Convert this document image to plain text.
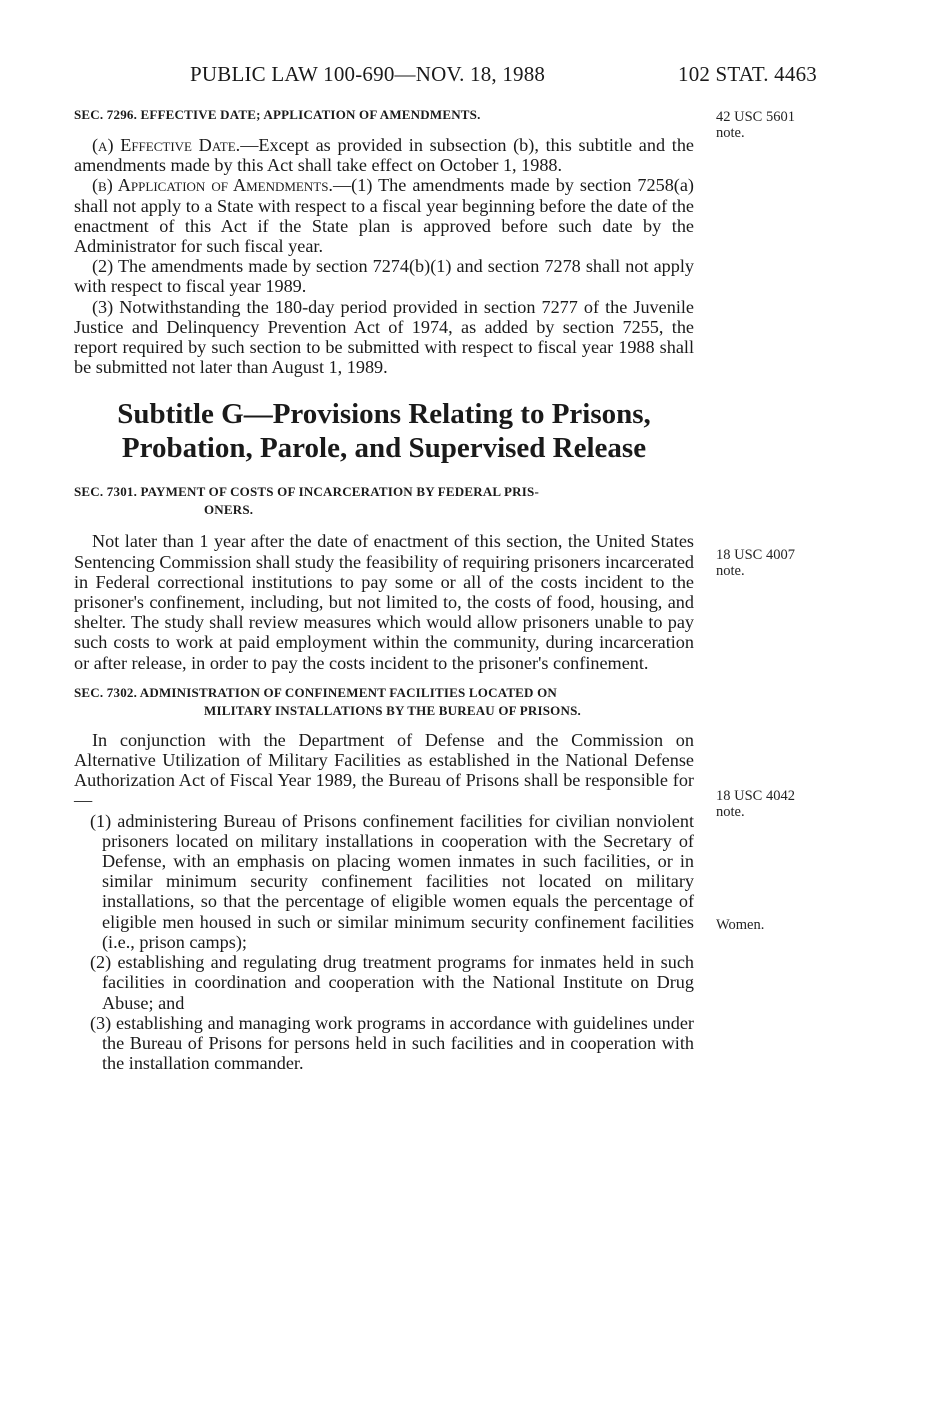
PUBLIC LAW 100-690—NOV. 18, 1988	102 STAT. 4463
42 USC 5601
note.
18 USC 4007
note.
18 USC 4042
note.
Women.
SEC. 7296. EFFECTIVE DATE; APPLICATION OF AMENDMENTS.

(a) Effective Date.—Except as provided in subsection (b), this subtitle and the amendments made by this Act shall take effect on October 1, 1988.

(b) Application of Amendments.—(1) The amendments made by section 7258(a) shall not apply to a State with respect to a fiscal year beginning before the date of the enactment of this Act if the State plan is approved before such date by the Administrator for such fiscal year.

(2) The amendments made by section 7274(b)(1) and section 7278 shall not apply with respect to fiscal year 1989.

(3) Notwithstanding the 180-day period provided in section 7277 of the Juvenile Justice and Delinquency Prevention Act of 1974, as added by section 7255, the report required by such section to be submitted with respect to fiscal year 1988 shall be submitted not later than August 1, 1989.

Subtitle G—Provisions Relating to Prisons,

Probation, Parole, and Supervised Release

SEC. 7301. PAYMENT OF COSTS OF INCARCERATION BY FEDERAL PRIS-
ONERS.

Not later than 1 year after the date of enactment of this section, the United States Sentencing Commission shall study the feasibility of requiring prisoners incarcerated in Federal correctional institutions to pay some or all of the costs incident to the prisoner's confinement, including, but not limited to, the costs of food, housing, and shelter. The study shall review measures which would allow prisoners unable to pay such costs to work at paid employment within the community, during incarceration or after release, in order to pay the costs incident to the prisoner's confinement.

SEC. 7302. ADMINISTRATION OF CONFINEMENT FACILITIES LOCATED ON
MILITARY INSTALLATIONS BY THE BUREAU OF PRISONS.

In conjunction with the Department of Defense and the Commission on Alternative Utilization of Military Facilities as established in the National Defense Authorization Act of Fiscal Year 1989, the Bureau of Prisons shall be responsible for—

(1) administering Bureau of Prisons confinement facilities for civilian nonviolent prisoners located on military installations in cooperation with the Secretary of Defense, with an emphasis on placing women inmates in such facilities, or in similar minimum security confinement facilities not located on military installations, so that the percentage of eligible women equals the percentage of eligible men housed in such or similar minimum security confinement facilities (i.e., prison camps);

(2) establishing and regulating drug treatment programs for inmates held in such facilities in coordination and cooperation with the National Institute on Drug Abuse; and

(3) establishing and managing work programs in accordance with guidelines under the Bureau of Prisons for persons held in such facilities and in cooperation with the installation commander.
